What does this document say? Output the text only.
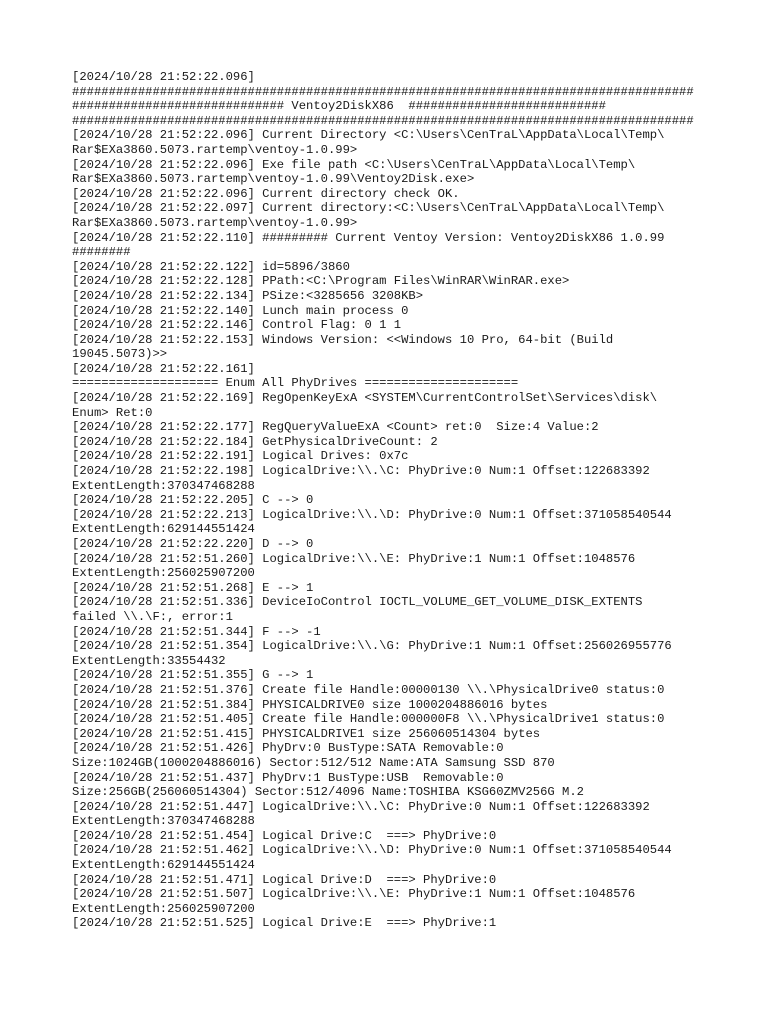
[2024/10/28 21:52:22.096]
#####################################################################################
############################# Ventoy2DiskX86  ###########################
#####################################################################################
[2024/10/28 21:52:22.096] Current Directory <C:\Users\CenTraL\AppData\Local\Temp\
Rar$EXa3860.5073.rartemp\ventoy-1.0.99>
[2024/10/28 21:52:22.096] Exe file path <C:\Users\CenTraL\AppData\Local\Temp\
Rar$EXa3860.5073.rartemp\ventoy-1.0.99\Ventoy2Disk.exe>
[2024/10/28 21:52:22.096] Current directory check OK.
[2024/10/28 21:52:22.097] Current directory:<C:\Users\CenTraL\AppData\Local\Temp\
Rar$EXa3860.5073.rartemp\ventoy-1.0.99>
[2024/10/28 21:52:22.110] ######### Current Ventoy Version: Ventoy2DiskX86 1.0.99
########
[2024/10/28 21:52:22.122] id=5896/3860
[2024/10/28 21:52:22.128] PPath:<C:\Program Files\WinRAR\WinRAR.exe>
[2024/10/28 21:52:22.134] PSize:<3285656 3208KB>
[2024/10/28 21:52:22.140] Lunch main process 0
[2024/10/28 21:52:22.146] Control Flag: 0 1 1
[2024/10/28 21:52:22.153] Windows Version: <<Windows 10 Pro, 64-bit (Build
19045.5073)>>
[2024/10/28 21:52:22.161]
==================== Enum All PhyDrives =====================
[2024/10/28 21:52:22.169] RegOpenKeyExA <SYSTEM\CurrentControlSet\Services\disk\
Enum> Ret:0
[2024/10/28 21:52:22.177] RegQueryValueExA <Count> ret:0  Size:4 Value:2
[2024/10/28 21:52:22.184] GetPhysicalDriveCount: 2
[2024/10/28 21:52:22.191] Logical Drives: 0x7c
[2024/10/28 21:52:22.198] LogicalDrive:\\.\C: PhyDrive:0 Num:1 Offset:122683392
ExtentLength:370347468288
[2024/10/28 21:52:22.205] C --> 0
[2024/10/28 21:52:22.213] LogicalDrive:\\.\D: PhyDrive:0 Num:1 Offset:371058540544
ExtentLength:629144551424
[2024/10/28 21:52:22.220] D --> 0
[2024/10/28 21:52:51.260] LogicalDrive:\\.\E: PhyDrive:1 Num:1 Offset:1048576
ExtentLength:256025907200
[2024/10/28 21:52:51.268] E --> 1
[2024/10/28 21:52:51.336] DeviceIoControl IOCTL_VOLUME_GET_VOLUME_DISK_EXTENTS
failed \\.\F:, error:1
[2024/10/28 21:52:51.344] F --> -1
[2024/10/28 21:52:51.354] LogicalDrive:\\.\G: PhyDrive:1 Num:1 Offset:256026955776
ExtentLength:33554432
[2024/10/28 21:52:51.355] G --> 1
[2024/10/28 21:52:51.376] Create file Handle:00000130 \\.\PhysicalDrive0 status:0
[2024/10/28 21:52:51.384] PHYSICALDRIVE0 size 1000204886016 bytes
[2024/10/28 21:52:51.405] Create file Handle:000000F8 \\.\PhysicalDrive1 status:0
[2024/10/28 21:52:51.415] PHYSICALDRIVE1 size 256060514304 bytes
[2024/10/28 21:52:51.426] PhyDrv:0 BusType:SATA Removable:0
Size:1024GB(1000204886016) Sector:512/512 Name:ATA Samsung SSD 870
[2024/10/28 21:52:51.437] PhyDrv:1 BusType:USB  Removable:0
Size:256GB(256060514304) Sector:512/4096 Name:TOSHIBA KSG60ZMV256G M.2
[2024/10/28 21:52:51.447] LogicalDrive:\\.\C: PhyDrive:0 Num:1 Offset:122683392
ExtentLength:370347468288
[2024/10/28 21:52:51.454] Logical Drive:C  ===> PhyDrive:0
[2024/10/28 21:52:51.462] LogicalDrive:\\.\D: PhyDrive:0 Num:1 Offset:371058540544
ExtentLength:629144551424
[2024/10/28 21:52:51.471] Logical Drive:D  ===> PhyDrive:0
[2024/10/28 21:52:51.507] LogicalDrive:\\.\E: PhyDrive:1 Num:1 Offset:1048576
ExtentLength:256025907200
[2024/10/28 21:52:51.525] Logical Drive:E  ===> PhyDrive:1
